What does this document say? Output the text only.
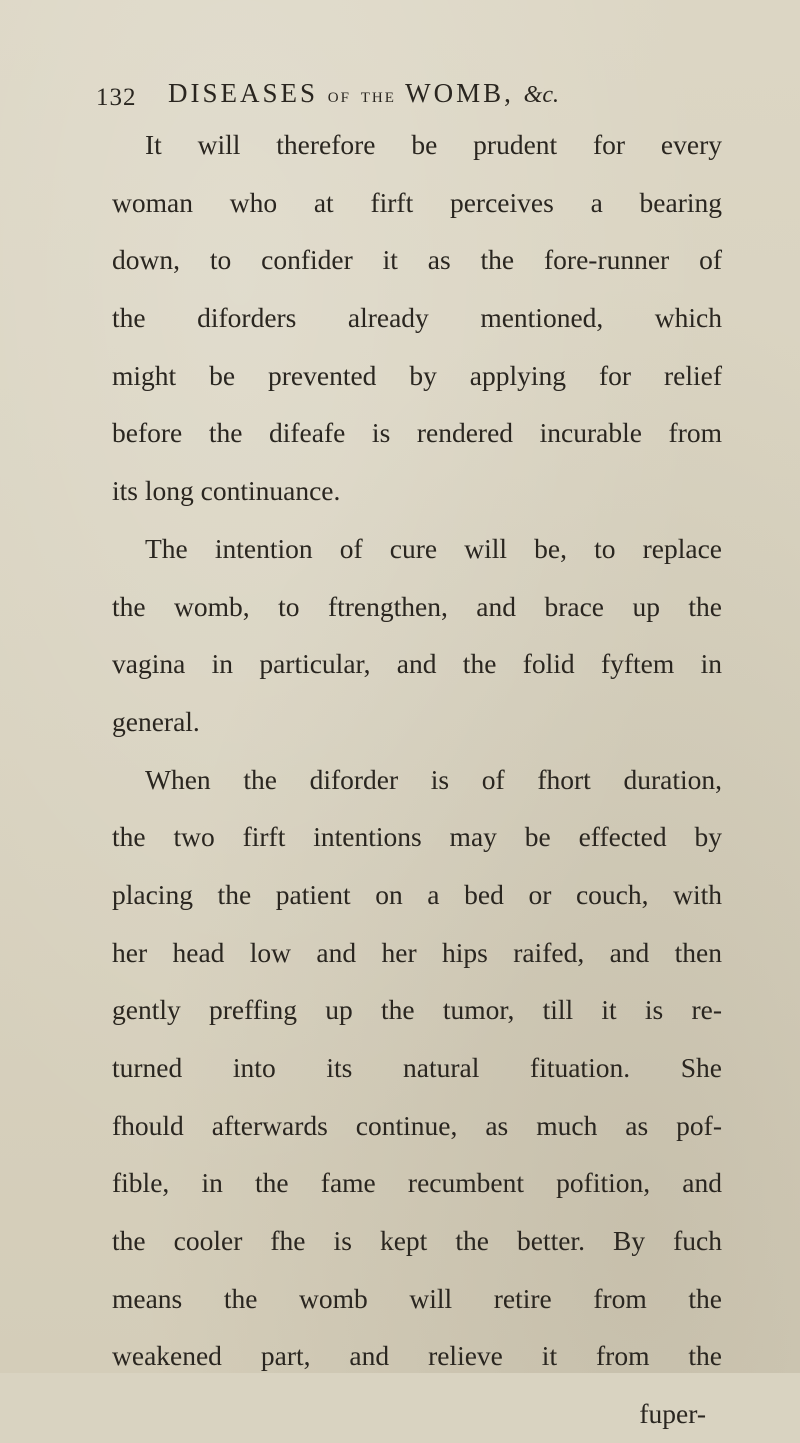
132 DISEASES OF THE WOMB, &c.
It will therefore be prudent for every
woman who at firft perceives a bearing
down, to confider it as the fore-runner of
the diforders already mentioned, which
might be prevented by applying for relief
before the difeafe is rendered incurable from
its long continuance.
The intention of cure will be, to replace
the womb, to ftrengthen, and brace up the
vagina in particular, and the folid fyftem in
general.
When the diforder is of fhort duration,
the two firft intentions may be effected by
placing the patient on a bed or couch, with
her head low and her hips raifed, and then
gently preffing up the tumor, till it is re-
turned into its natural fituation. She
fhould afterwards continue, as much as pof-
fible, in the fame recumbent pofition, and
the cooler fhe is kept the better. By fuch
means the womb will retire from the
weakened part, and relieve it from the
fuper-
